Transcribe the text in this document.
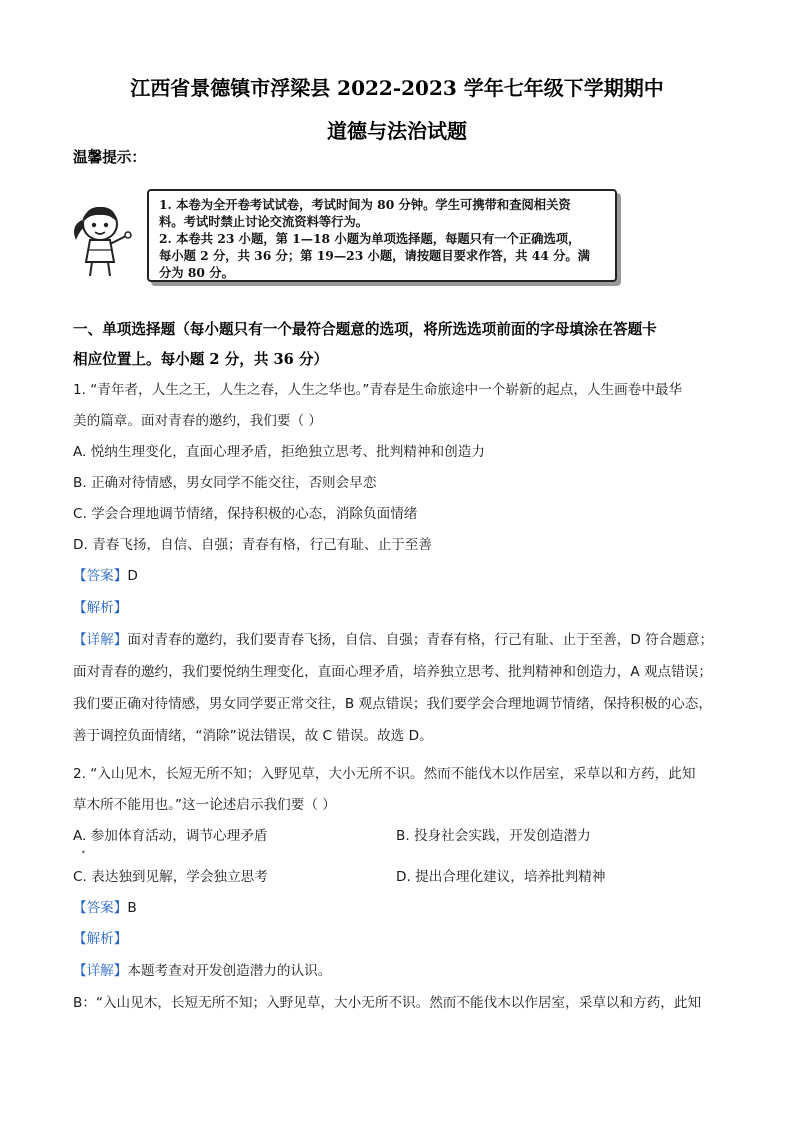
江西省景德镇市浮梁县 2022-2023 学年七年级下学期期中
道德与法治试题
温馨提示：
1. 本卷为全开卷考试试卷，考试时间为 80 分钟。学生可携带和查阅相关资
料。考试时禁止讨论交流资料等行为。
2. 本卷共 23 小题，第 1—18 小题为单项选择题，每题只有一个正确选项，
每小题 2 分，共 36 分；第 19—23 小题，请按题目要求作答，共 44 分。满
分为 80 分。
一、单项选择题（每小题只有一个最符合题意的选项，将所选选项前面的字母填涂在答题卡
相应位置上。每小题 2 分，共 36 分）
1. “青年者，人生之王，人生之春，人生之华也。”青春是生命旅途中一个崭新的起点，人生画卷中最华
美的篇章。面对青春的邀约，我们要（ ）
A. 悦纳生理变化，直面心理矛盾，拒绝独立思考、批判精神和创造力
B. 正确对待情感，男女同学不能交往，否则会早恋
C. 学会合理地调节情绪，保持积极的心态，消除负面情绪
D. 青春飞扬，自信、自强；青春有格，行己有耻、止于至善
【答案】D
【解析】
【详解】面对青春的邀约，我们要青春飞扬，自信、自强；青春有格，行己有耻、止于至善，D 符合题意；
面对青春的邀约，我们要悦纳生理变化，直面心理矛盾，培养独立思考、批判精神和创造力，A 观点错误；
我们要正确对待情感，男女同学要正常交往，B 观点错误；我们要学会合理地调节情绪，保持积极的心态，
善于调控负面情绪，“消除”说法错误，故 C 错误。故选 D。
2. “入山见木，长短无所不知；入野见草，大小无所不识。然而不能伐木以作居室，采草以和方药，此知
草木所不能用也。”这一论述启示我们要（ ）
A. 参加体育活动，调节心理矛盾	B. 投身社会实践，开发创造潜力
•
C. 表达独到见解，学会独立思考	D. 提出合理化建议，培养批判精神
【答案】B
【解析】
【详解】本题考查对开发创造潜力的认识。
B：“入山见木，长短无所不知；入野见草，大小无所不识。然而不能伐木以作居室，采草以和方药，此知
